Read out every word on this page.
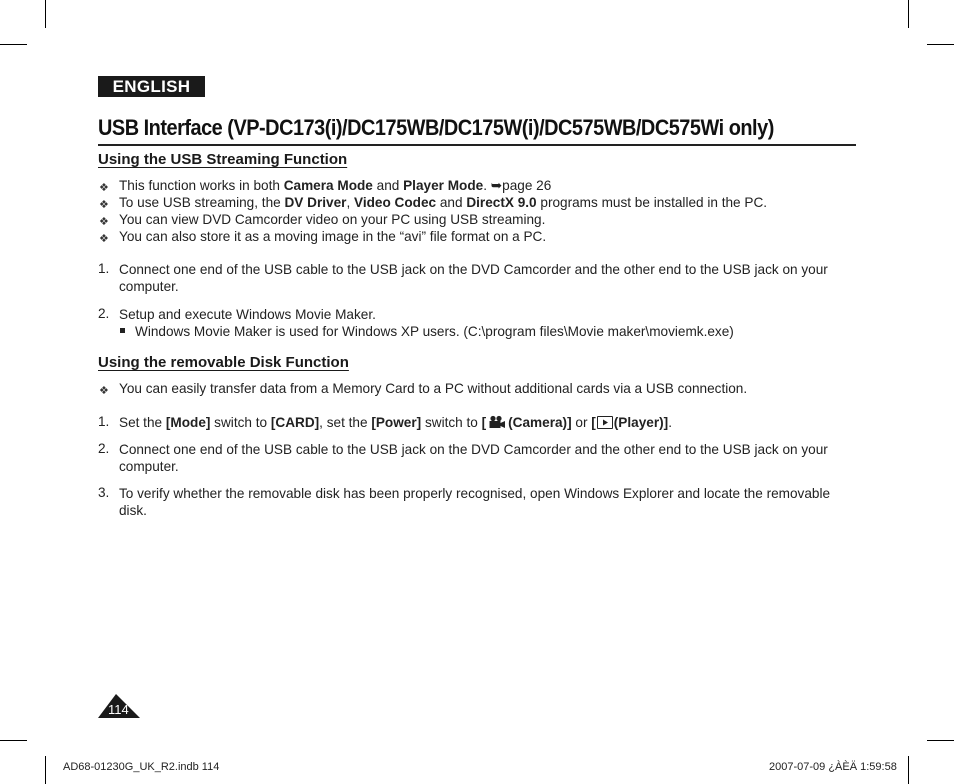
ENGLISH
USB Interface (VP-DC173(i)/DC175WB/DC175W(i)/DC575WB/DC575Wi only)
Using the USB Streaming Function
❖ This function works in both Camera Mode and Player Mode. ➥page 26
❖ To use USB streaming, the DV Driver, Video Codec and DirectX 9.0 programs must be installed in the PC.
❖ You can view DVD Camcorder video on your PC using USB streaming.
❖ You can also store it as a moving image in the “avi” file format on a PC.
1. Connect one end of the USB cable to the USB jack on the DVD Camcorder and the other end to the USB jack on your
computer.
2. Setup and execute Windows Movie Maker.
Windows Movie Maker is used for Windows XP users. (C:\program files\Movie maker\moviemk.exe)
Using the removable Disk Function
❖ You can easily transfer data from a Memory Card to a PC without additional cards via a USB connection.
1. Set the [Mode] switch to [CARD], set the [Power] switch to [ (Camera)] or [ (Player)].
2. Connect one end of the USB cable to the USB jack on the DVD Camcorder and the other end to the USB jack on your
computer.
3. To verify whether the removable disk has been properly recognised, open Windows Explorer and locate the removable
disk.
114
AD68-01230G_UK_R2.indb 114	2007-07-09 ¿ÀÈÄ 1:59:58
